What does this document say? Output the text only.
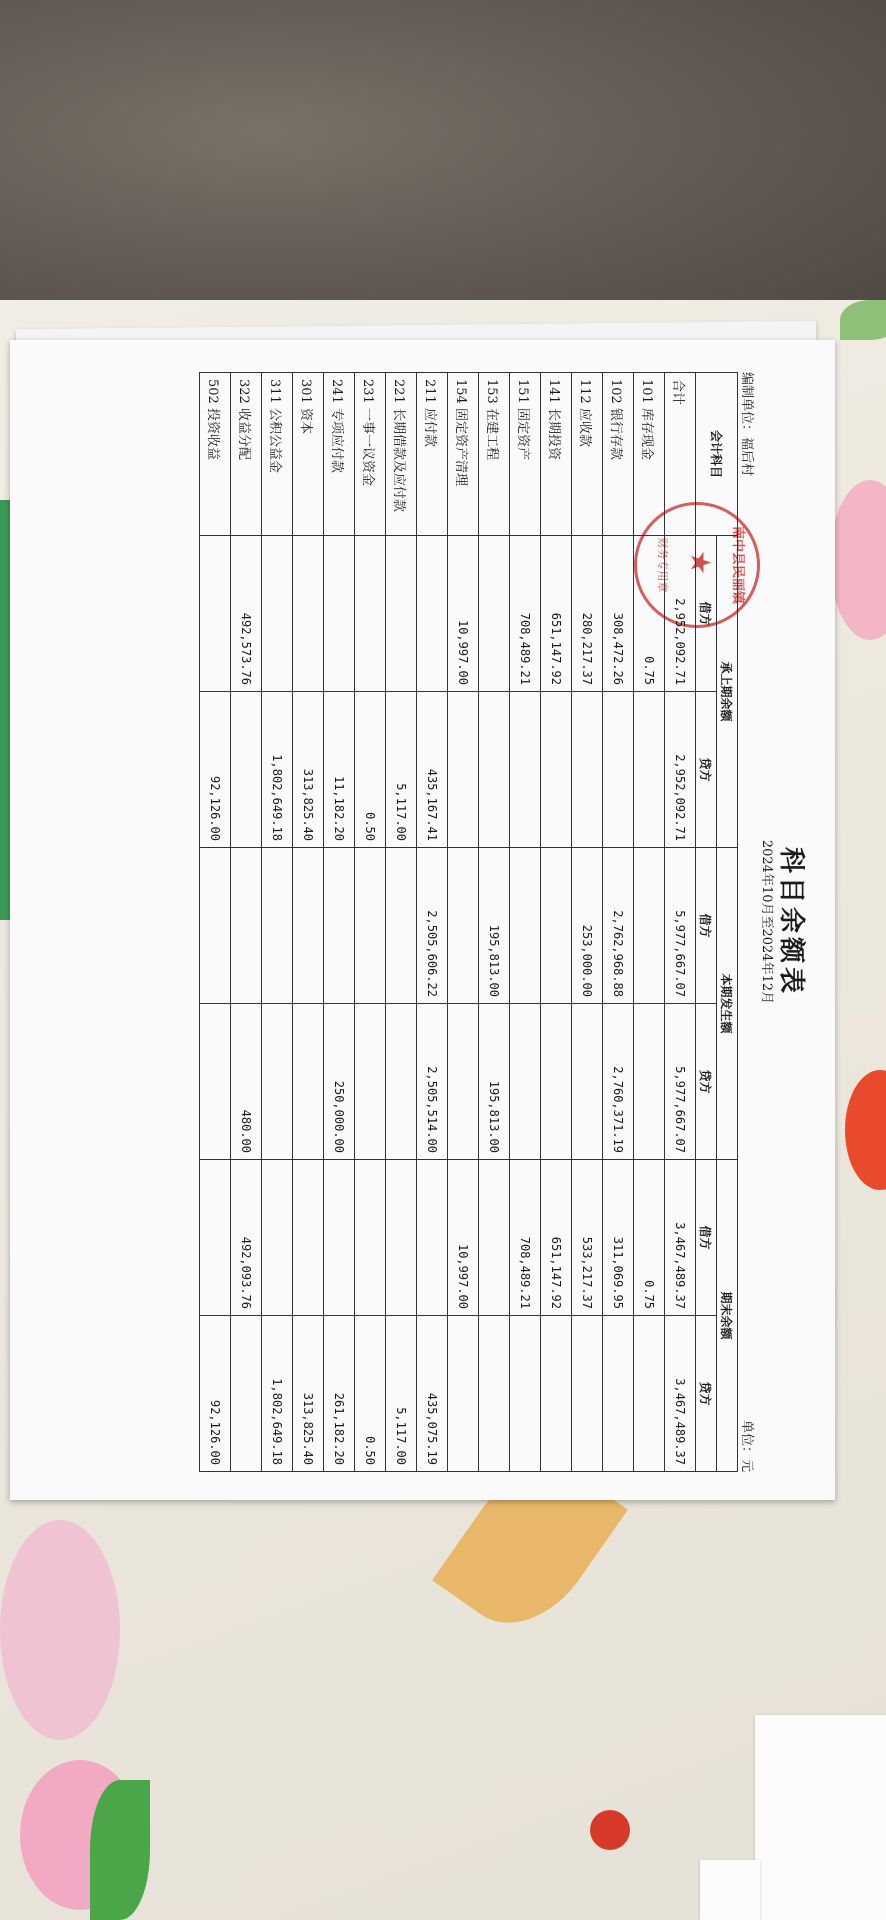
科目余额表
2024年10月至2024年12月
编制单位：福后村
单位：元
南中县民丽镇
★
财务专用章
会计科目	承上期余额		本期发生额		期末余额	
	借方	贷方	借方	贷方	借方	贷方
合计	2,952,092.71	2,952,092.71	5,977,667.07	5,977,667.07	3,467,489.37	3,467,489.37
101 库存现金	0.75				0.75	
102 银行存款	308,472.26		2,762,968.88	2,760,371.19	311,069.95	
112 应收款	280,217.37		253,000.00		533,217.37	
141 长期投资	651,147.92				651,147.92	
151 固定资产	708,489.21				708,489.21	
153 在建工程			195,813.00	195,813.00		
154 固定资产清理	10,997.00				10,997.00	
211 应付款		435,167.41	2,505,606.22	2,505,514.00		435,075.19
221 长期借款及应付款		5,117.00				5,117.00
231 一事一议资金		0.50				0.50
241 专项应付款		11,182.20		250,000.00		261,182.20
301 资本		313,825.40				313,825.40
311 公积公益金		1,802,649.18				1,802,649.18
322 收益分配	492,573.76			480.00	492,093.76	
502 投资收益		92,126.00				92,126.00
